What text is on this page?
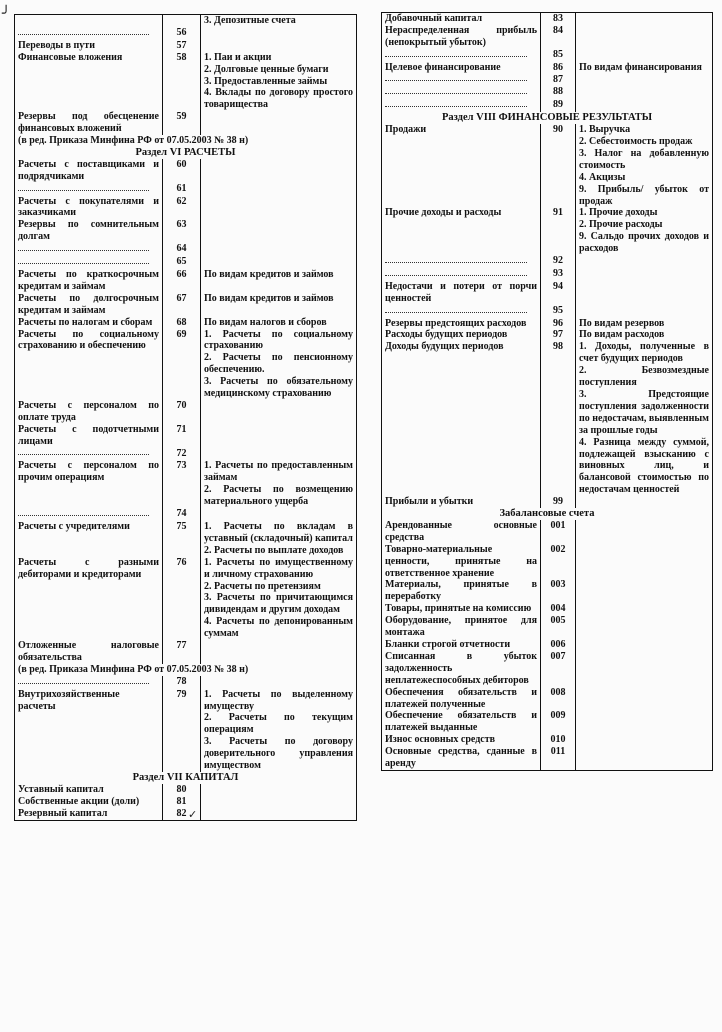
		3. Депозитные счета

	56	
Переводы в пути	57	
Финансовые вложения	58	1. Паи и акции
2. Долговые ценные бумаги
3. Предоставленные займы
4. Вклады по договору простого товарищества

Резервы под обесценение финансовых вложений	59	
(в ред. Приказа Минфина РФ от 07.05.2003 № 38 н)		
Раздел VI РАСЧЕТЫ		
Расчеты с поставщиками и подрядчиками	60	

	61	
Расчеты с покупателями и заказчиками	62	
Резервы по сомнительным долгам	63	

	64	

	65	
Расчеты по краткосрочным кредитам и займам	66	По видам кредитов и займов

Расчеты по долгосрочным кредитам и займам	67	По видам кредитов и займов

Расчеты по налогам и сборам	68	По видам налогов и сборов

Расчеты по социальному страхованию и обеспечению	69	1. Расчеты по социальному страхованию
2. Расчеты по пенсионному обеспечению.
3. Расчеты по обязательному медицинскому страхованию

Расчеты с персоналом по оплате труда	70	
Расчеты с подотчетными лицами	71	

	72	
Расчеты с персоналом по прочим операциям	73	1. Расчеты по предоставленным займам
2. Расчеты по возмещению материального ущерба

	74	
Расчеты с учредителями	75	1. Расчеты по вкладам в уставный (складочный) капитал
2. Расчеты по выплате доходов

Расчеты с разными дебиторами и кредиторами	76	1. Расчеты по имущественному и личному страхованию
2. Расчеты по претензиям
3. Расчеты по причитающимся дивидендам и другим доходам
4. Расчеты по депонированным суммам

Отложенные налоговые обязательства	77	
(в ред. Приказа Минфина РФ от 07.05.2003 № 38 н)		

	78	
Внутрихозяйственные расчеты	79	1. Расчеты по выделенному имуществу
2. Расчеты по текущим операциям
3. Расчеты по договору доверительного управления имуществом

Раздел VII КАПИТАЛ		
Уставный капитал	80	
Собственные акции (доли)	81	
Резервный капитал	82	
Добавочный капитал	83	
Нераспределенная прибыль (непокрытый убыток)	84	

	85	
Целевое финансирование	86	По видам финансирования

	87	

	88	

	89	
Раздел VIII ФИНАНСОВЫЕ РЕЗУЛЬТАТЫ		
Продажи	90	1. Выручка
2. Себестоимость продаж
3. Налог на добавленную стоимость
4. Акцизы
9. Прибыль/ убыток от продаж

Прочие доходы и расходы	91	1. Прочие доходы
2. Прочие расходы
9. Сальдо прочих доходов и расходов

	92	

	93	
Недостачи и потери от порчи ценностей	94	

	95	
Резервы предстоящих расходов	96	По видам резервов

Расходы будущих периодов	97	По видам расходов

Доходы будущих периодов	98	1. Доходы, полученные в счет будущих периодов
2. Безвозмездные поступления
3. Предстоящие поступления задолженности по недостачам, выявленным за прошлые годы
4. Разница между суммой, подлежащей взысканию с виновных лиц, и балансовой стоимостью по недостачам ценностей

Прибыли и убытки	99	
Забалансовые счета		
Арендованные основные средства	001	
Товарно-материальные ценности, принятые на ответственное хранение	002	
Материалы, принятые в переработку	003	
Товары, принятые на комиссию	004	
Оборудование, принятое для монтажа	005	
Бланки строгой отчетности	006	
Списанная в убыток задолженность неплатежеспособных дебиторов	007	
Обеспечения обязательств и платежей полученные	008	
Обеспечение обязательств и платежей выданные	009	
Износ основных средств	010	
Основные средства, сданные в аренду	011	
╯
✓
